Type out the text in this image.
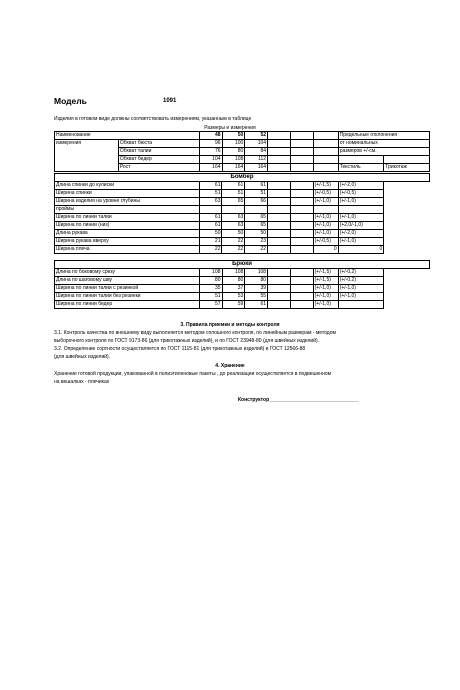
Модель	1091
Изделия в готовом виде должны соответствовать измерениям, указанным в таблице
Размеры и измерения
Наименование		48	50	52				Предельные отклонения	
измерения	Обхват бюста	96	100	104				от номинальных	
	Обхват талии	76	80	84				размеров +/-см.	
	Обхват бедер	104	108	112					
	Рост	164	164	164				Текстиль	Трикотаж
Бомбер							
Длина спинки до кулиски	61	61	61			(+/-1,5)	(+/-2,0)
Ширина спинки	51	51	51			(+/-0,5)	(+/-0,5)
Ширина изделия на уровне глубины	63	65	66			(+/-1,0)	(+/-1,0)
проймы							
Ширина по линии талии	61	63	65			(+/-1,0)	(+/-1,0)
Ширина по линии (низ)	61	63	65			(+/-1,0)	(+2,0/-1,0)
Длина рукава	50	50	50			(+/-1,0)	(+/-2,0)
Ширина рукава вверху	21	22	23			(+/-0,5)	(+/-1,0)
Ширина плеча	22	22	22			0	0
Брюки							
Длина по боковому срезу	108	108	108			(+/-1,5)	(+/-0,2)
Длина по шаговому шву	80	80	80			(+/-1,5)	(+/-0,2)
Ширина по линии талии с резинкой	35	37	39			(+/-1,0)	(+/-1,0)
Ширина по линии талии без резинки	51	53	55			(+/-1,0)	(+/-1,0)
Ширина по линии бедер	57	59	61			(+/-1,0)	
3. Правила приемки и методы контроля
3.1. Контроль качества по внешнему виду выполняется методом сплошного контроля, по линейным размерам - методом
выборочного контроля по ГОСТ 9173-86 (для трикотажных изделий), и по ГОСТ 23948-80 (для швейных изделий).
3.2. Определение сортности осуществляется по ГОСТ 1115-81 (для трикотажных изделий) и ГОСТ 12566-88
(для швейных изделий).
4. Хранение
Хранение готовой продукции, упакованной в полиэтиленовые пакеты , до реализации осуществляется в подвешенном
на вешалках - плечиках
Конструктор________________________________
